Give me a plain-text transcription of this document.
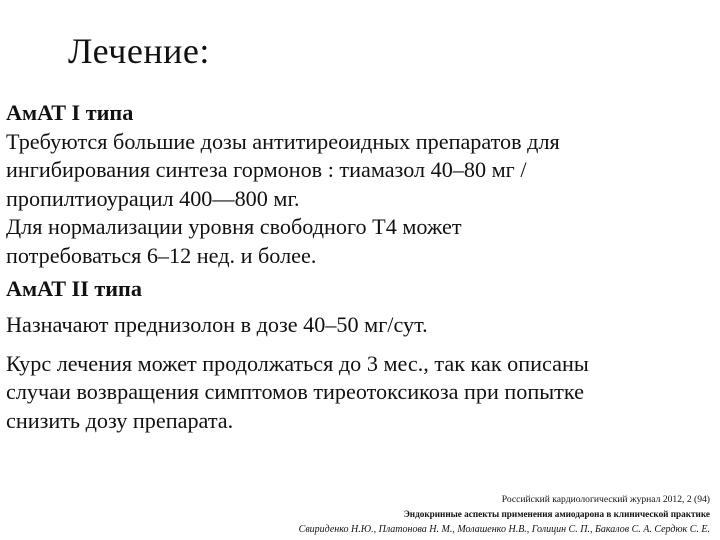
Лечение:
АмАТ I типа
Требуются большие дозы антитиреоидных препаратов для
ингибирования синтеза гормонов : тиамазол 40–80 мг /
пропилтиоурацил 400—800 мг.
Для нормализации уровня свободного Т4 может
потребоваться 6–12 нед. и более.
АмАТ II типа
Назначают преднизолон в дозе 40–50 мг/сут.
Курс лечения может продолжаться до 3 мес., так как описаны
случаи возвращения симптомов тиреотоксикоза при попытке
снизить дозу препарата.
Российский кардиологический журнал 2012, 2 (94)
Эндокринные аспекты применения амиодарона в клинической практике
Свириденко Н.Ю., Платонова Н. М., Молашенко Н.В., Голицин С. П., Бакалов С. А. Сердюк С. Е.
